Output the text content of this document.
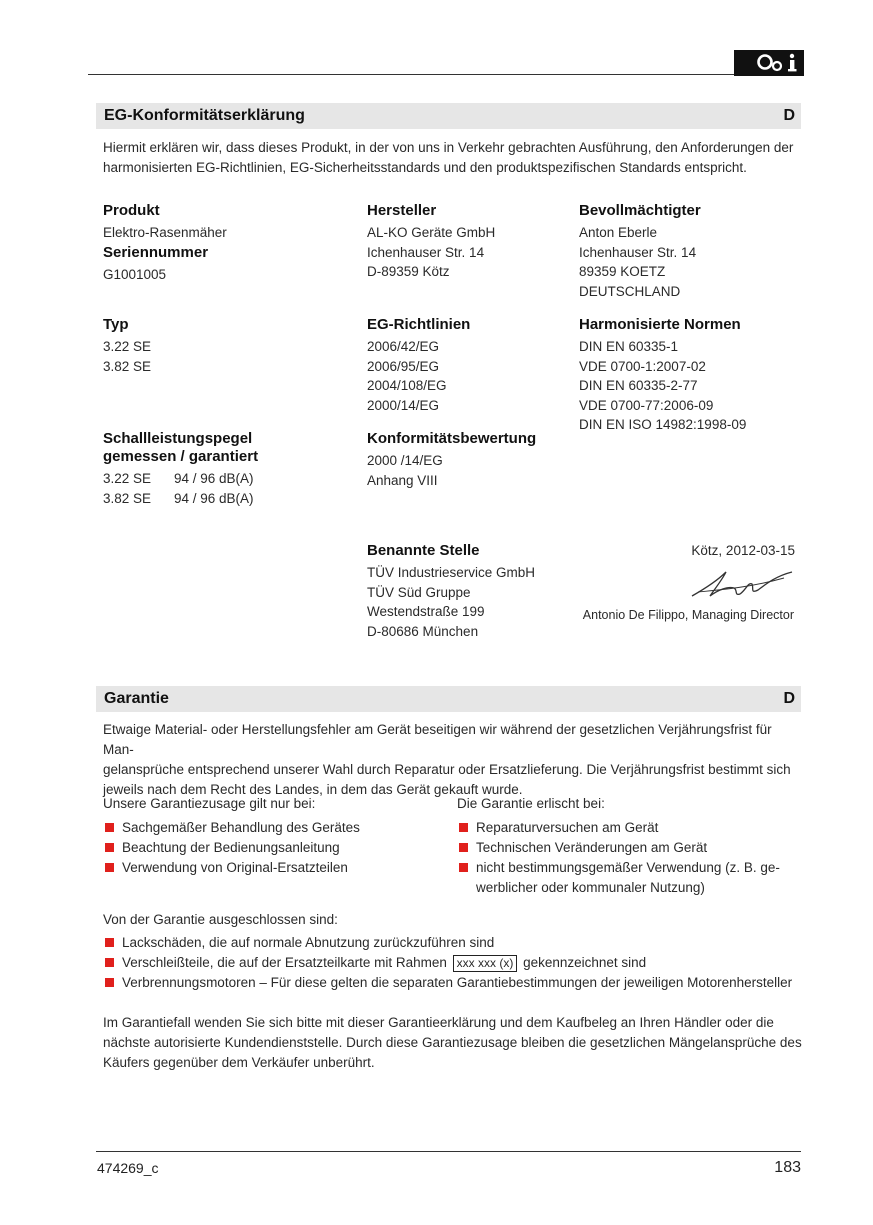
EG-Konformitätserklärung	D
Hiermit erklären wir, dass dieses Produkt, in der von uns in Verkehr gebrachten Ausführung, den Anforderungen der
harmonisierten EG-Richtlinien, EG-Sicherheitsstandards und den produktspezifischen Standards entspricht.
Produkt
Elektro-Rasenmäher
Seriennummer
G1001005
Typ
3.22 SE
3.82 SE
Schallleistungspegel
gemessen / garantiert
3.22 SE 94 / 96 dB(A)
3.82 SE 94 / 96 dB(A)
Hersteller
AL-KO Geräte GmbH
Ichenhauser Str. 14
D-89359 Kötz
EG-Richtlinien
2006/42/EG
2006/95/EG
2004/108/EG
2000/14/EG
Konformitätsbewertung
2000 /14/EG
Anhang VIII
Benannte Stelle
TÜV Industrieservice GmbH
TÜV Süd Gruppe
Westendstraße 199
D-80686 München
Bevollmächtigter
Anton Eberle
Ichenhauser Str. 14
89359 KOETZ
DEUTSCHLAND
Harmonisierte Normen
DIN EN 60335-1
VDE 0700-1:2007-02
DIN EN 60335-2-77
VDE 0700-77:2006-09
DIN EN ISO 14982:1998-09
Kötz, 2012-03-15
Antonio De Filippo, Managing Director
Garantie	D
Etwaige Material- oder Herstellungsfehler am Gerät beseitigen wir während der gesetzlichen Verjährungsfrist für Man-
gelansprüche entsprechend unserer Wahl durch Reparatur oder Ersatzlieferung. Die Verjährungsfrist bestimmt sich
jeweils nach dem Recht des Landes, in dem das Gerät gekauft wurde.
Unsere Garantiezusage gilt nur bei:
Sachgemäßer Behandlung des Gerätes
Beachtung der Bedienungsanleitung
Verwendung von Original-Ersatzteilen
Die Garantie erlischt bei:
Reparaturversuchen am Gerät
Technischen Veränderungen am Gerät
nicht bestimmungsgemäßer Verwendung (z. B. ge-
werblicher oder kommunaler Nutzung)
Von der Garantie ausgeschlossen sind:
Lackschäden, die auf normale Abnutzung zurückzuführen sind
Verschleißteile, die auf der Ersatzteilkarte mit Rahmen xxx xxx (x) gekennzeichnet sind
Verbrennungsmotoren – Für diese gelten die separaten Garantiebestimmungen der jeweiligen Motorenhersteller
Im Garantiefall wenden Sie sich bitte mit dieser Garantieerklärung und dem Kaufbeleg an Ihren Händler oder die
nächste autorisierte Kundendienststelle. Durch diese Garantiezusage bleiben die gesetzlichen Mängelansprüche des
Käufers gegenüber dem Verkäufer unberührt.
474269_c	183
